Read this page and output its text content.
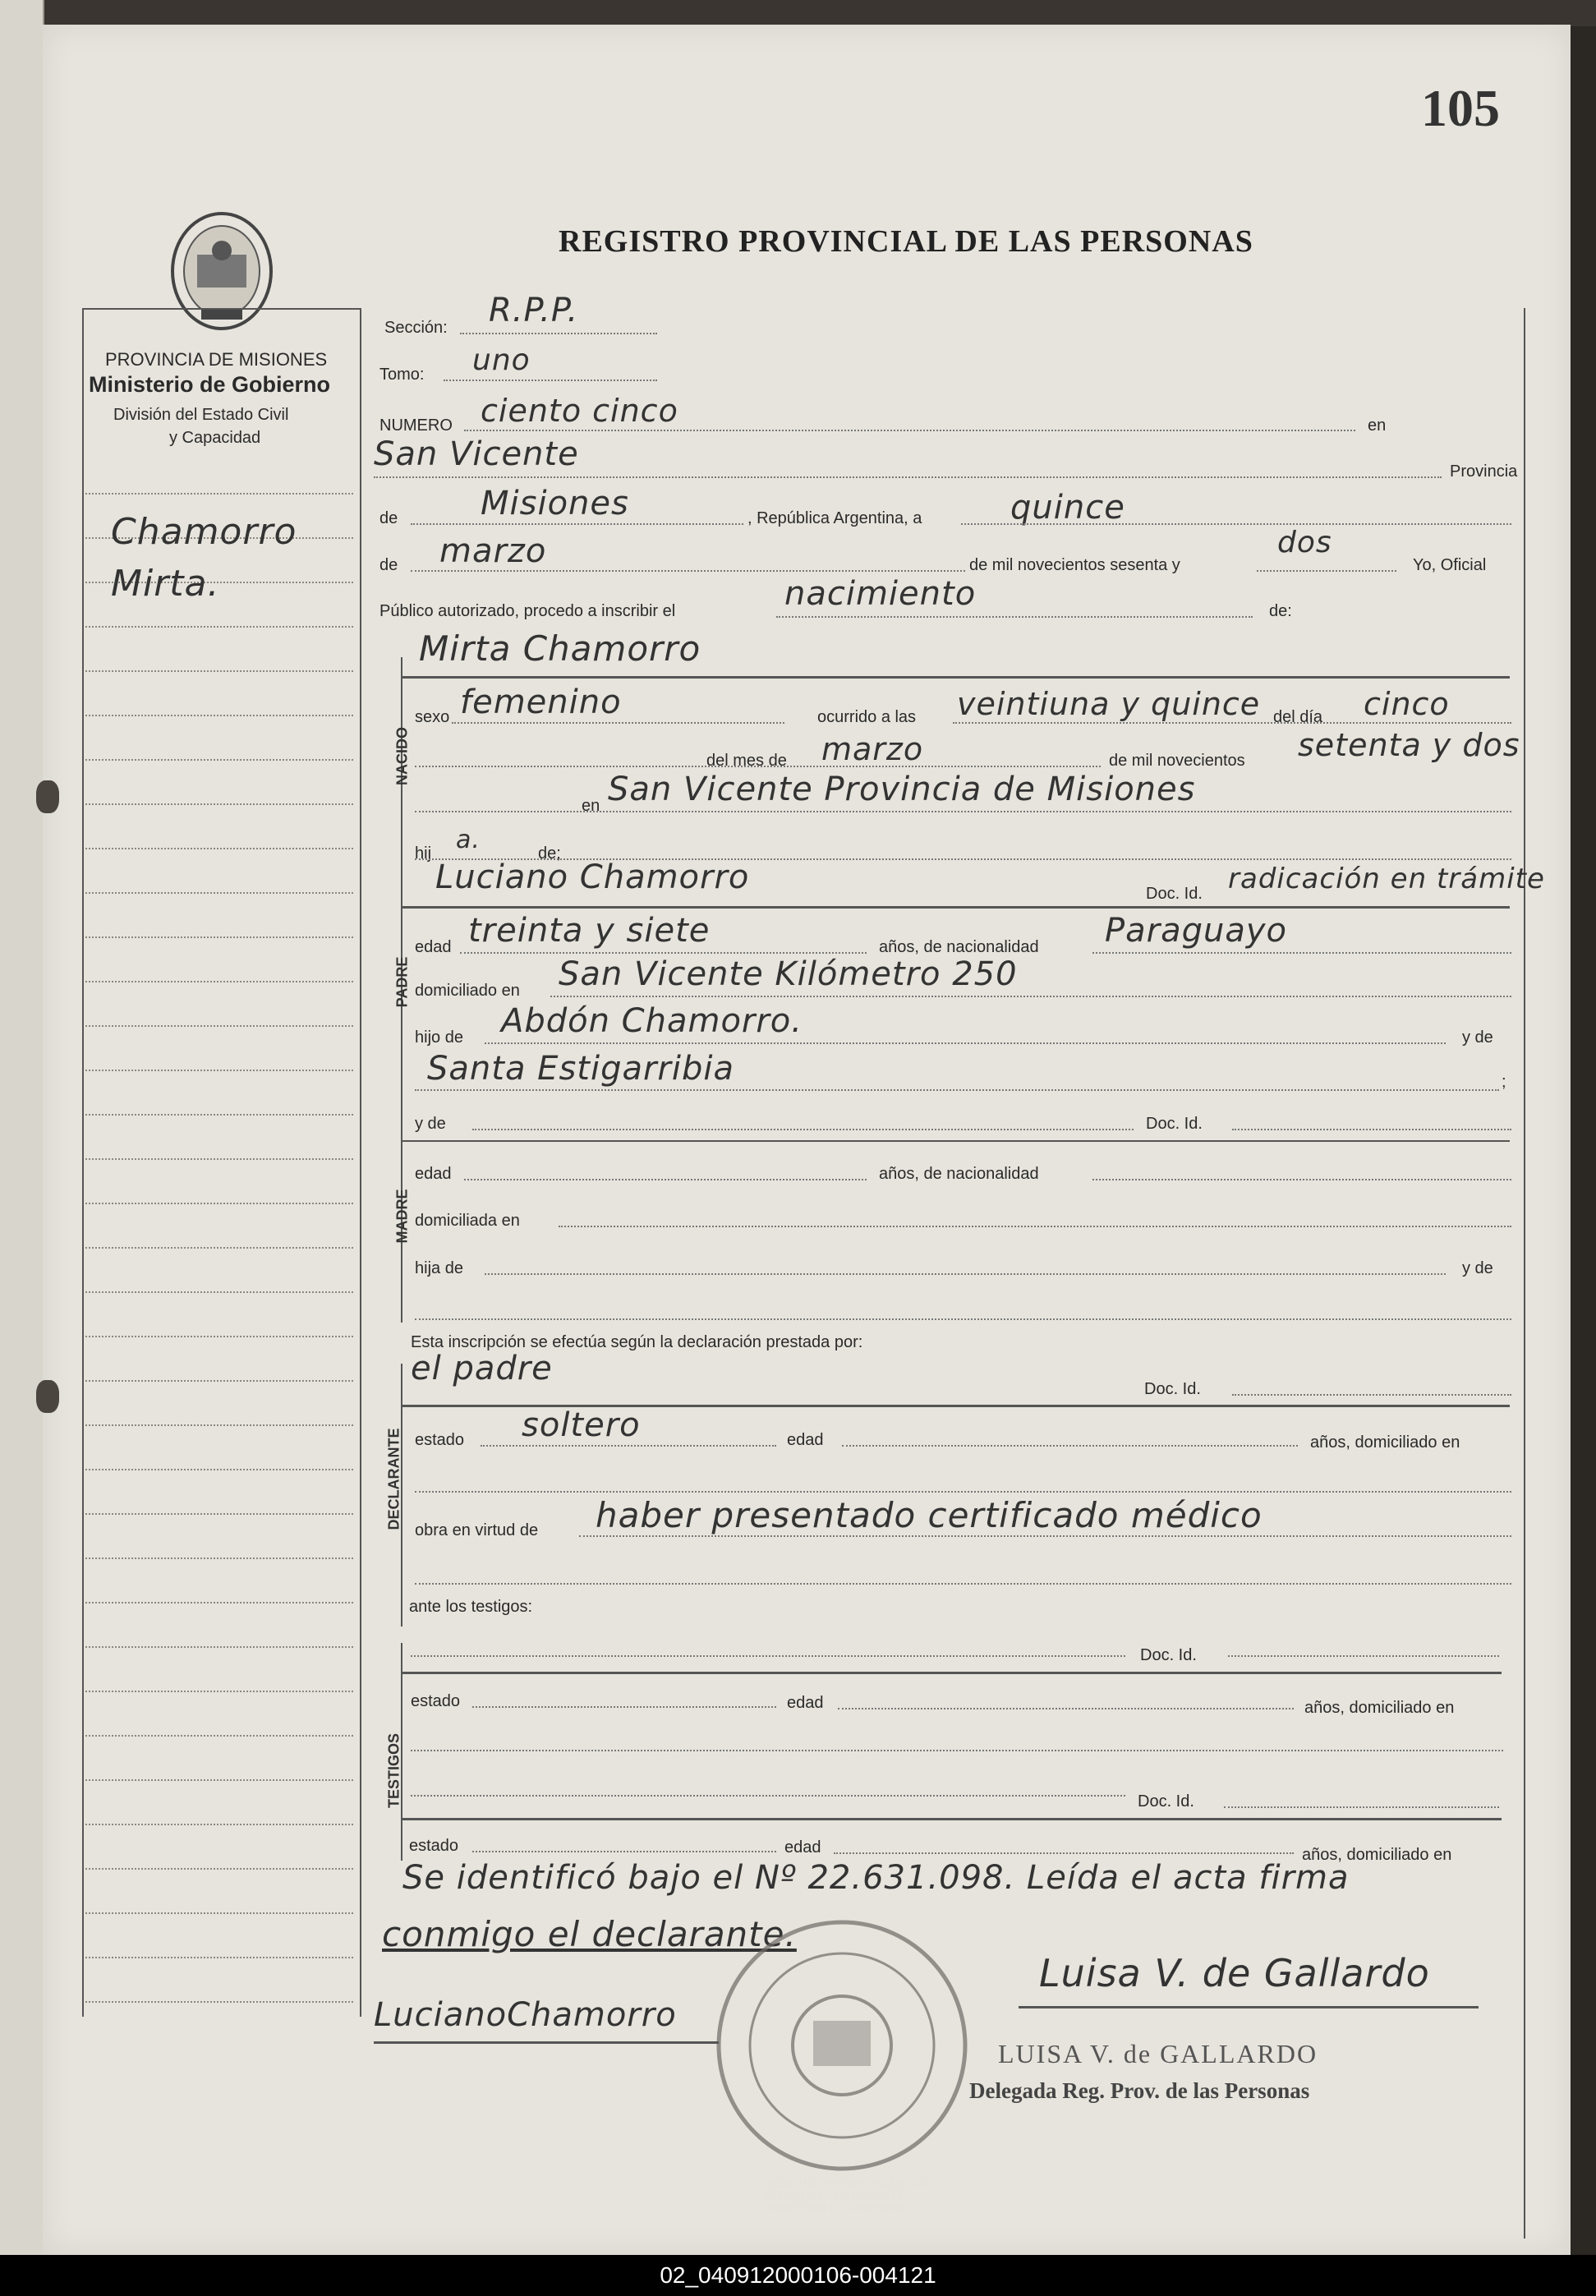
105
REGISTRO PROVINCIAL DE LAS PERSONAS
PROVINCIA DE MISIONES
Ministerio de Gobierno
División del Estado Civil
y Capacidad
Chamorro
Mirta.
Sección: R.P.P.
Tomo: uno
NUMERO ciento cinco	en
San Vicente	Provincia
de	Misiones	, República Argentina, a	quince
de marzo	de mil novecientos sesenta y
dos
Yo, Oficial
Público autorizado, procedo a inscribir el	nacimiento	de:
NACIDO
Mirta Chamorro
sexo femenino	ocurrido a las veintiuna y quince del día cinco
del mes de marzo	de mil novecientos setenta y dos
en San Vicente Provincia de Misiones
hij a.	de;
PADRE
Luciano Chamorro	Doc. Id. radicación en trámite
edad treinta y siete	años, de nacionalidad Paraguayo
domiciliado en San Vicente Kilómetro 250
hijo de Abdón Chamorro.	y de
Santa Estigarribia	;
y de	Doc. Id.
MADRE
edad	años, de nacionalidad
domiciliada en
hija de	y de
Esta inscripción se efectúa según la declaración prestada por:
DECLARANTE
el padre
Doc. Id.
estado soltero	edad	años, domiciliado en
obra en virtud de haber presentado certificado médico
ante los testigos:
TESTIGOS
Doc. Id.
estado	edad	años, domiciliado en
Doc. Id.
estado	edad	años, domiciliado en
Se identificó bajo el Nº 22.631.098. Leída el acta firma
conmigo el declarante.
Luisa V. de Gallardo
LUISA V. de GALLARDO
Delegada Reg. Prov. de las Personas
LucianoChamorro
02_040912000106-004121
